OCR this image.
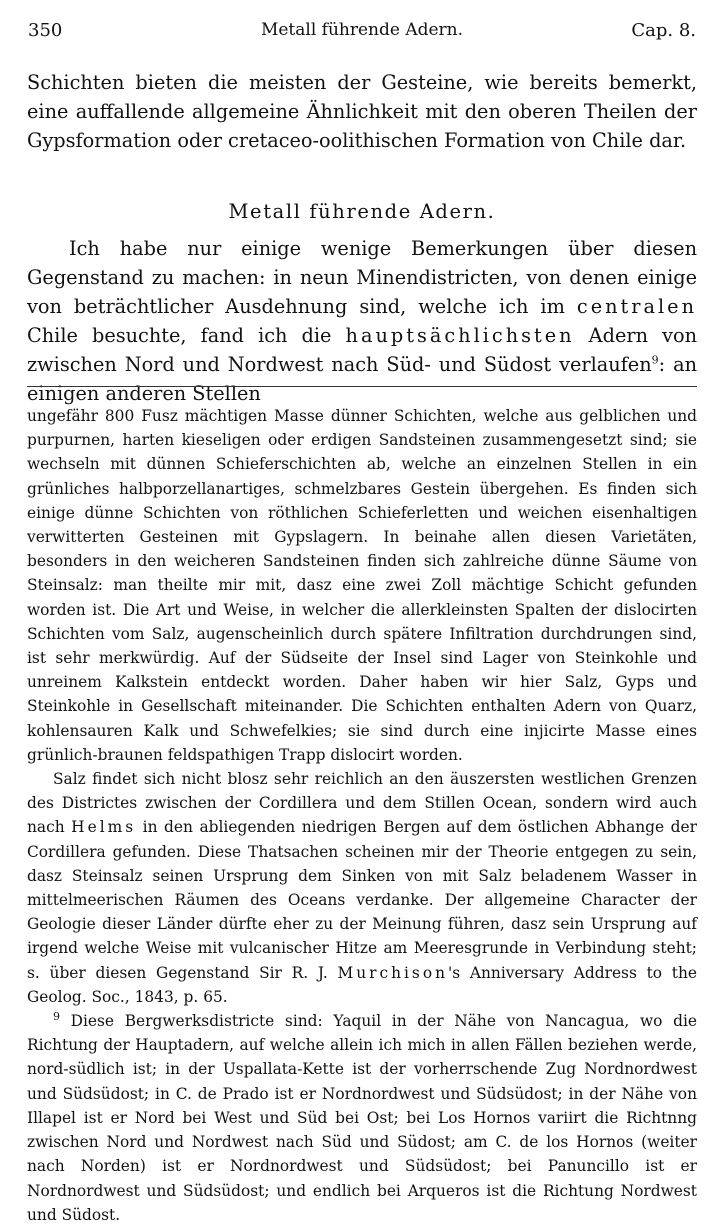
350	Metall führende Adern.	Cap. 8.

Schichten bieten die meisten der Gesteine, wie bereits bemerkt, eine auffallende allgemeine Ähnlichkeit mit den oberen Theilen der Gypsformation oder cretaceo-oolithischen Formation von Chile dar.

Metall führende Adern.

Ich habe nur einige wenige Bemerkungen über diesen Gegenstand zu machen: in neun Minendistricten, von denen einige von beträchtlicher Ausdehnung sind, welche ich im centralen Chile besuchte, fand ich die hauptsächlichsten Adern von zwischen Nord und Nordwest nach Süd- und Südost verlaufen$^9$: an einigen anderen Stellen

ungefähr 800 Fusz mächtigen Masse dünner Schichten, welche aus gelblichen und purpurnen, harten kieseligen oder erdigen Sandsteinen zusammengesetzt sind; sie wechseln mit dünnen Schieferschichten ab, welche an einzelnen Stellen in ein grünliches halbporzellanartiges, schmelzbares Gestein übergehen. Es finden sich einige dünne Schichten von röthlichen Schieferletten und weichen eisenhaltigen verwitterten Gesteinen mit Gypslagern. In beinahe allen diesen Varietäten, besonders in den weicheren Sandsteinen finden sich zahlreiche dünne Säume von Steinsalz: man theilte mir mit, dasz eine zwei Zoll mächtige Schicht gefunden worden ist. Die Art und Weise, in welcher die allerkleinsten Spalten der dislocirten Schichten vom Salz, augenscheinlich durch spätere Infiltration durchdrungen sind, ist sehr merkwürdig. Auf der Südseite der Insel sind Lager von Steinkohle und unreinem Kalkstein entdeckt worden. Daher haben wir hier Salz, Gyps und Steinkohle in Gesellschaft miteinander. Die Schichten enthalten Adern von Quarz, kohlensauren Kalk und Schwefelkies; sie sind durch eine injicirte Masse eines grünlich-braunen feldspathigen Trapp dislocirt worden.

Salz findet sich nicht blosz sehr reichlich an den äuszersten westlichen Grenzen des Districtes zwischen der Cordillera und dem Stillen Ocean, sondern wird auch nach Helms in den abliegenden niedrigen Bergen auf dem östlichen Abhange der Cordillera gefunden. Diese Thatsachen scheinen mir der Theorie entgegen zu sein, dasz Steinsalz seinen Ursprung dem Sinken von mit Salz beladenem Wasser in mittelmeerischen Räumen des Oceans verdanke. Der allgemeine Character der Geologie dieser Länder dürfte eher zu der Meinung führen, dasz sein Ursprung auf irgend welche Weise mit vulcanischer Hitze am Meeresgrunde in Verbindung steht; s. über diesen Gegenstand Sir R. J. Murchison's Anniversary Address to the Geolog. Soc., 1843, p. 65.

$^9$ Diese Bergwerksdistricte sind: Yaquil in der Nähe von Nancagua, wo die Richtung der Hauptadern, auf welche allein ich mich in allen Fällen beziehen werde, nord-südlich ist; in der Uspallata-Kette ist der vorherrschende Zug Nordnordwest und Südsüdost; in C. de Prado ist er Nordnordwest und Südsüdost; in der Nähe von Illapel ist er Nord bei West und Süd bei Ost; bei Los Hornos variirt die Richtnng zwischen Nord und Nordwest nach Süd und Südost; am C. de los Hornos (weiter nach Norden) ist er Nordnordwest und Südsüdost; bei Panuncillo ist er Nordnordwest und Südsüdost; und endlich bei Arqueros ist die Richtung Nordwest und Südost.
